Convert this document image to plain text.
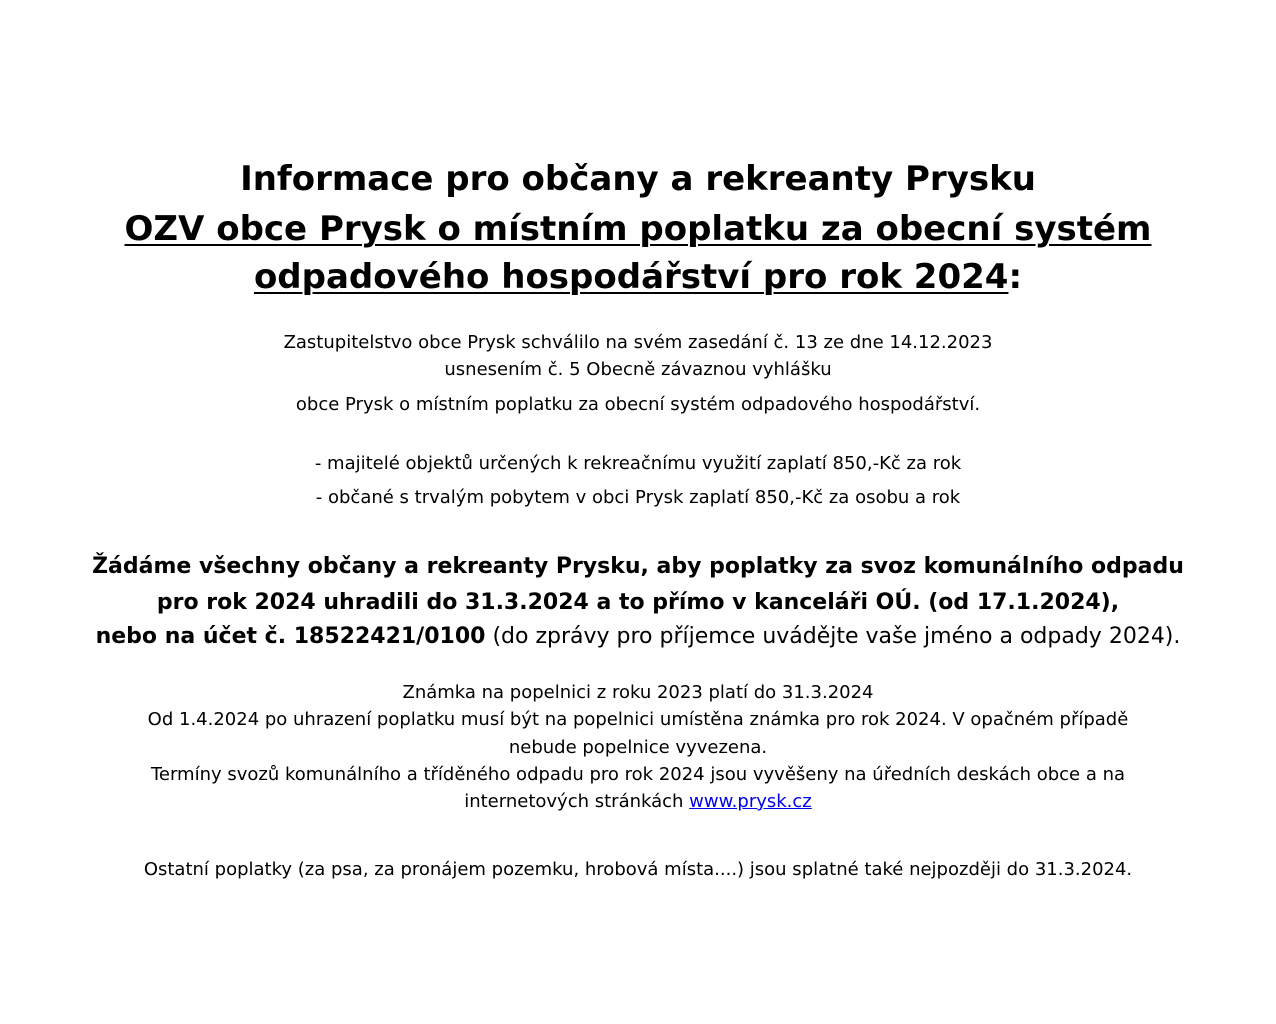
Informace pro občany a rekreanty Prysku
OZV obce Prysk o místním poplatku za obecní systém
odpadového hospodářství pro rok 2024:
Zastupitelstvo obce Prysk schválilo na svém zasedání č. 13 ze dne 14.12.2023
usnesením č. 5 Obecně závaznou vyhlášku
obce Prysk o místním poplatku za obecní systém odpadového hospodářství.
- majitelé objektů určených k rekreačnímu využití zaplatí 850,-Kč za rok
- občané s trvalým pobytem v obci Prysk zaplatí 850,-Kč za osobu a rok
Žádáme všechny občany a rekreanty Prysku, aby poplatky za svoz komunálního odpadu
pro rok 2024 uhradili do 31.3.2024 a to přímo v kanceláři OÚ. (od 17.1.2024),
nebo na účet č. 18522421/0100 (do zprávy pro příjemce uvádějte vaše jméno a odpady 2024).
Známka na popelnici z roku 2023 platí do 31.3.2024
Od 1.4.2024 po uhrazení poplatku musí být na popelnici umístěna známka pro rok 2024. V opačném případě
nebude popelnice vyvezena.
Termíny svozů komunálního a tříděného odpadu pro rok 2024 jsou vyvěšeny na úředních deskách obce a na
internetových stránkách www.prysk.cz
Ostatní poplatky (za psa, za pronájem pozemku, hrobová místa....) jsou splatné také nejpozději do 31.3.2024.
